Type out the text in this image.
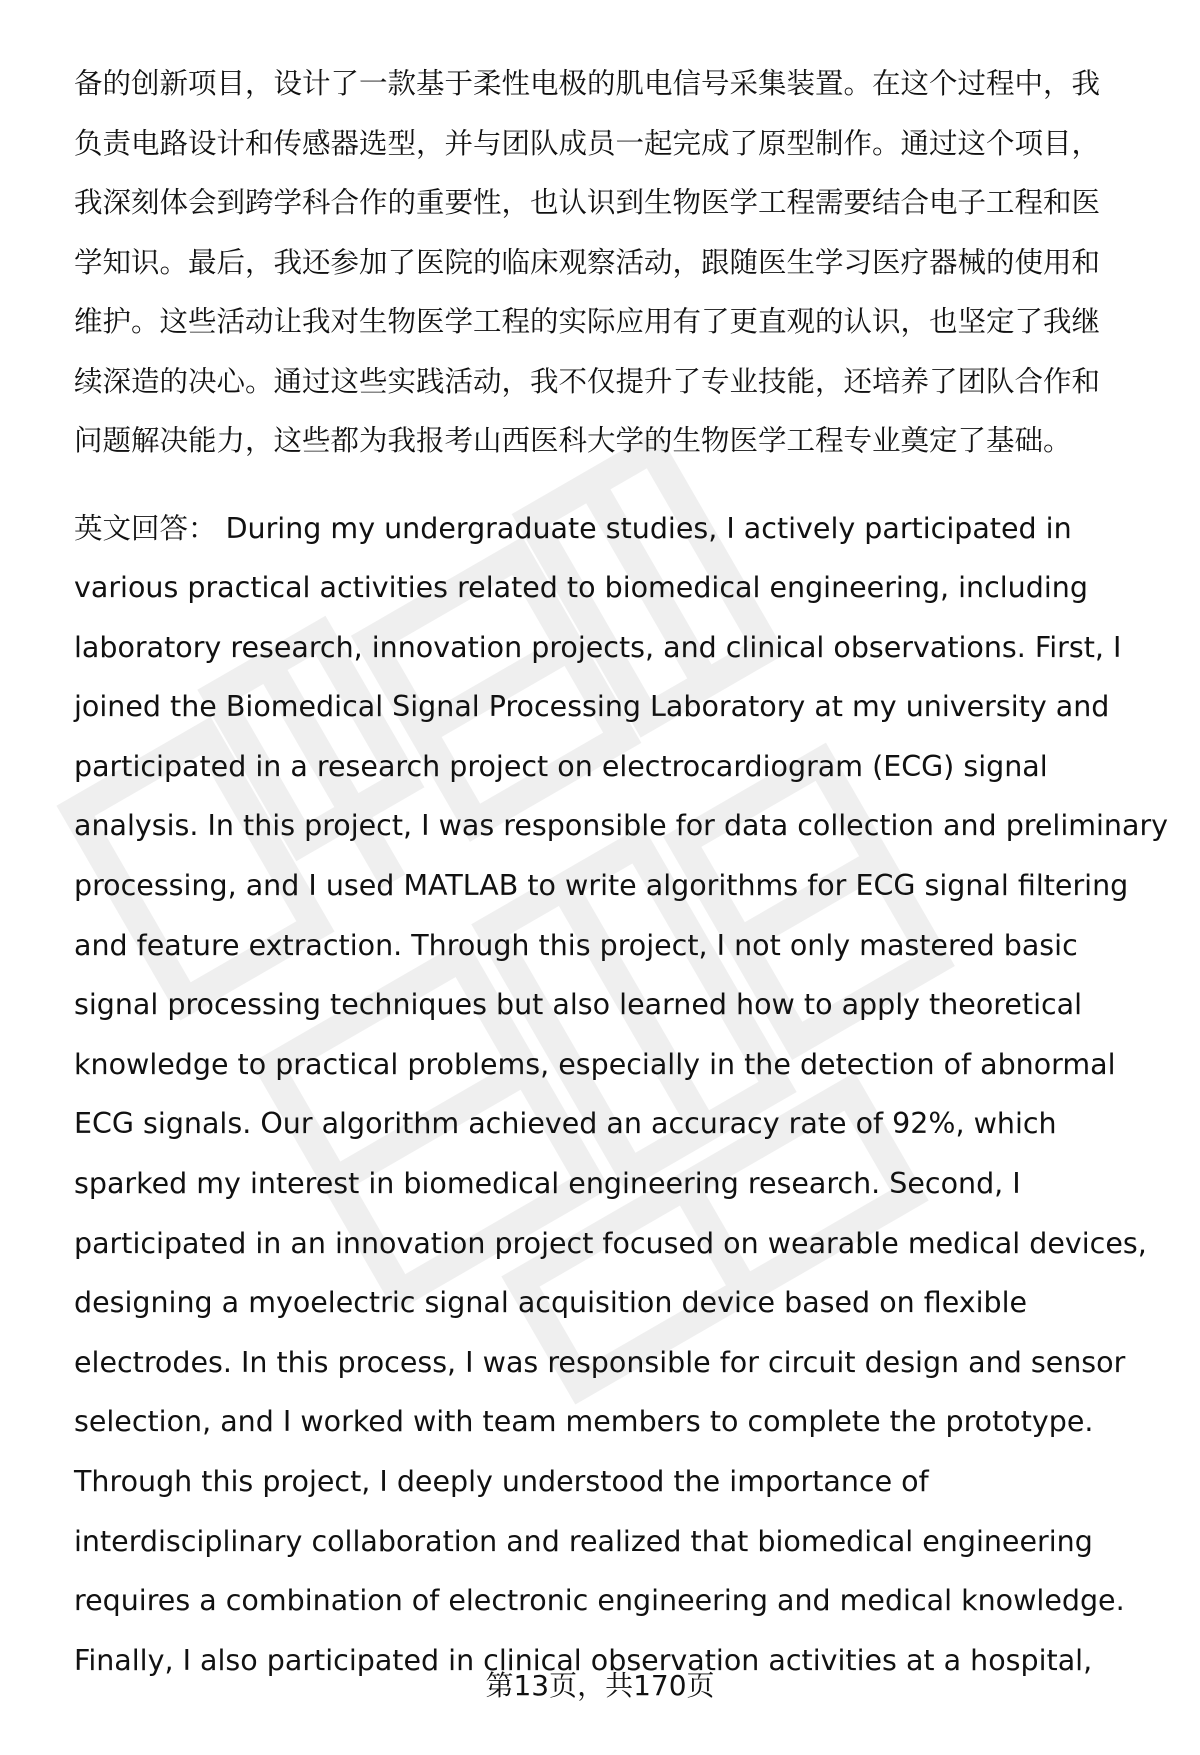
备的创新项目，设计了一款基于柔性电极的肌电信号采集装置。在这个过程中，我
负责电路设计和传感器选型，并与团队成员一起完成了原型制作。通过这个项目，
我深刻体会到跨学科合作的重要性，也认识到生物医学工程需要结合电子工程和医
学知识。最后，我还参加了医院的临床观察活动，跟随医生学习医疗器械的使用和
维护。这些活动让我对生物医学工程的实际应用有了更直观的认识，也坚定了我继
续深造的决心。通过这些实践活动，我不仅提升了专业技能，还培养了团队合作和
问题解决能力，这些都为我报考山西医科大学的生物医学工程专业奠定了基础。
英文回答： During my undergraduate studies, I actively participated in
various practical activities related to biomedical engineering, including
laboratory research, innovation projects, and clinical observations. First, I
joined the Biomedical Signal Processing Laboratory at my university and
participated in a research project on electrocardiogram (ECG) signal
analysis. In this project, I was responsible for data collection and preliminary
processing, and I used MATLAB to write algorithms for ECG signal filtering
and feature extraction. Through this project, I not only mastered basic
signal processing techniques but also learned how to apply theoretical
knowledge to practical problems, especially in the detection of abnormal
ECG signals. Our algorithm achieved an accuracy rate of 92%, which
sparked my interest in biomedical engineering research. Second, I
participated in an innovation project focused on wearable medical devices,
designing a myoelectric signal acquisition device based on flexible
electrodes. In this process, I was responsible for circuit design and sensor
selection, and I worked with team members to complete the prototype.
Through this project, I deeply understood the importance of
interdisciplinary collaboration and realized that biomedical engineering
requires a combination of electronic engineering and medical knowledge.
Finally, I also participated in clinical observation activities at a hospital,
第13页，共170页
